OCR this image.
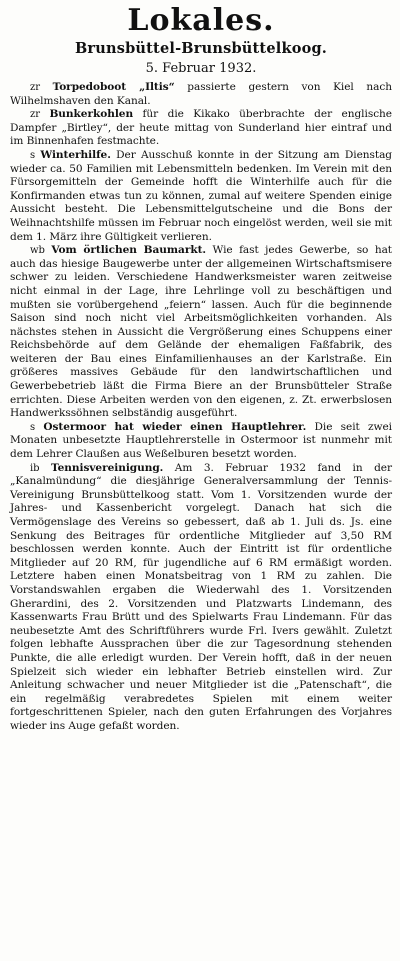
Lokales.
Brunsbüttel-Brunsbüttelkoog.
5. Februar 1932.

zr Torpedoboot „Iltis“ passierte gestern von Kiel nach Wilhelmshaven den Kanal.

zr Bunkerkohlen für die Kikako überbrachte der englische Dampfer „Birtley“, der heute mittag von Sunderland hier eintraf und im Binnenhafen festmachte.

s Winterhilfe. Der Ausschuß konnte in der Sitzung am Dienstag wieder ca. 50 Familien mit Lebensmitteln bedenken. Im Verein mit den Fürsorgemitteln der Gemeinde hofft die Winterhilfe auch für die Konfirmanden etwas tun zu können, zumal auf weitere Spenden einige Aussicht besteht. Die Lebensmittelgutscheine und die Bons der Weihnachtshilfe müssen im Februar noch eingelöst werden, weil sie mit dem 1. März ihre Gültigkeit verlieren.

wb Vom örtlichen Baumarkt. Wie fast jedes Gewerbe, so hat auch das hiesige Baugewerbe unter der allgemeinen Wirtschaftsmisere schwer zu leiden. Verschiedene Handwerksmeister waren zeitweise nicht einmal in der Lage, ihre Lehrlinge voll zu beschäftigen und mußten sie vorübergehend „feiern“ lassen. Auch für die beginnende Saison sind noch nicht viel Arbeitsmöglichkeiten vorhanden. Als nächstes stehen in Aussicht die Vergrößerung eines Schuppens einer Reichsbehörde auf dem Gelände der ehemaligen Faßfabrik, des weiteren der Bau eines Einfamilienhauses an der Karlstraße. Ein größeres massives Gebäude für den landwirtschaftlichen und Gewerbebetrieb läßt die Firma Biere an der Brunsbütteler Straße errichten. Diese Arbeiten werden von den eigenen, z. Zt. erwerbslosen Handwerkssöhnen selbständig ausgeführt.

s Ostermoor hat wieder einen Hauptlehrer. Die seit zwei Monaten unbesetzte Hauptlehrerstelle in Ostermoor ist nunmehr mit dem Lehrer Claußen aus Weßelburen besetzt worden.

ib Tennisvereinigung. Am 3. Februar 1932 fand in der „Kanalmündung“ die diesjährige Generalversammlung der Tennis-Vereinigung Brunsbüttelkoog statt. Vom 1. Vorsitzenden wurde der Jahres- und Kassenbericht vorgelegt. Danach hat sich die Vermögenslage des Vereins so gebessert, daß ab 1. Juli ds. Js. eine Senkung des Beitrages für ordentliche Mitglieder auf 3,50 RM beschlossen werden konnte. Auch der Eintritt ist für ordentliche Mitglieder auf 20 RM, für jugendliche auf 6 RM ermäßigt worden. Letztere haben einen Monatsbeitrag von 1 RM zu zahlen. Die Vorstandswahlen ergaben die Wiederwahl des 1. Vorsitzenden Gherardini, des 2. Vorsitzenden und Platzwarts Lindemann, des Kassenwarts Frau Brütt und des Spielwarts Frau Lindemann. Für das neubesetzte Amt des Schriftführers wurde Frl. Ivers gewählt. Zuletzt folgen lebhafte Aussprachen über die zur Tagesordnung stehenden Punkte, die alle erledigt wurden. Der Verein hofft, daß in der neuen Spielzeit sich wieder ein lebhafter Betrieb einstellen wird. Zur Anleitung schwacher und neuer Mitglieder ist die „Patenschaft“, die ein regelmäßig verabredetes Spielen mit einem weiter fortgeschrittenen Spieler, nach den guten Erfahrungen des Vorjahres wieder ins Auge gefaßt worden.
